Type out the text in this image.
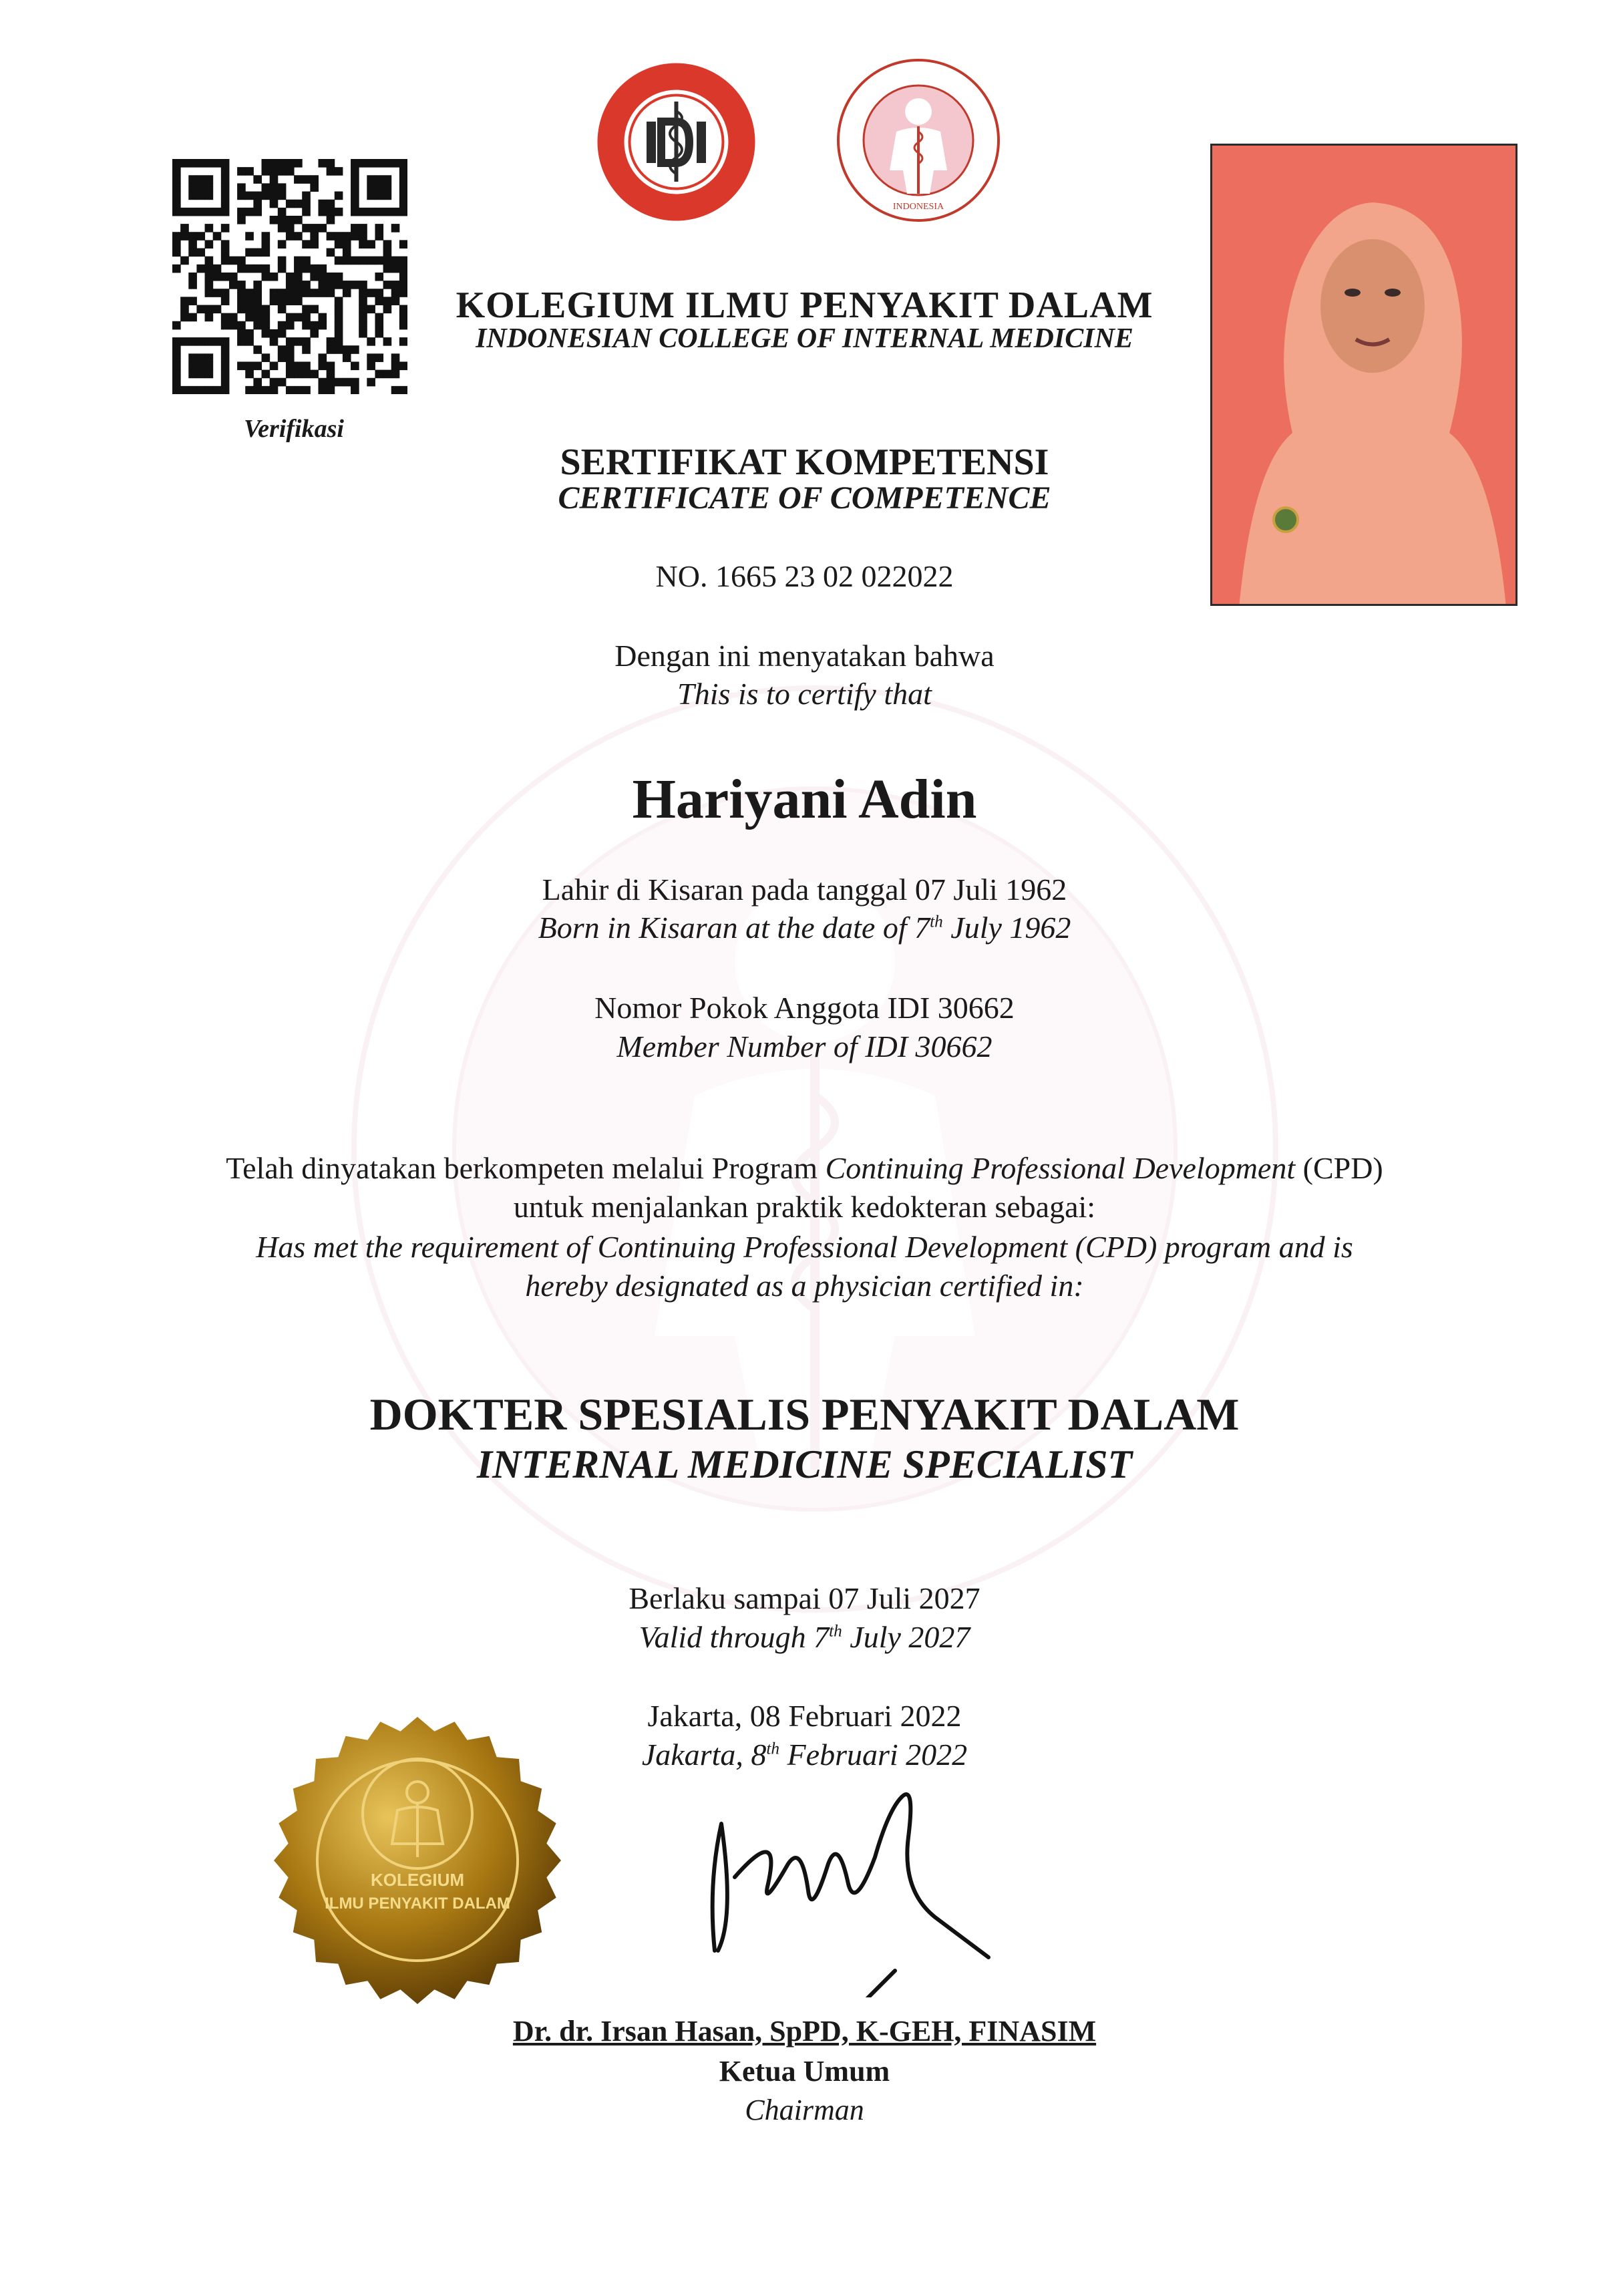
INDONESIA
Verifikasi
KOLEGIUM ILMU PENYAKIT DALAM
INDONESIAN COLLEGE OF INTERNAL MEDICINE
SERTIFIKAT KOMPETENSI
CERTIFICATE OF COMPETENCE
NO. 1665 23 02 022022
Dengan ini menyatakan bahwa
This is to certify that
Hariyani Adin
Lahir di Kisaran pada tanggal 07 Juli 1962
Born in Kisaran at the date of 7th July 1962
Nomor Pokok Anggota IDI 30662
Member Number of IDI 30662
Telah dinyatakan berkompeten melalui Program Continuing Professional Development (CPD)
untuk menjalankan praktik kedokteran sebagai:
Has met the requirement of Continuing Professional Development (CPD) program and is
hereby designated as a physician certified in:
DOKTER SPESIALIS PENYAKIT DALAM
INTERNAL MEDICINE SPECIALIST
Berlaku sampai 07 Juli 2027
Valid through 7th July 2027
Jakarta, 08 Februari 2022
Jakarta, 8th Februari 2022
KOLEGIUM
ILMU PENYAKIT DALAM
Dr. dr. Irsan Hasan, SpPD, K-GEH, FINASIM
Ketua Umum
Chairman
